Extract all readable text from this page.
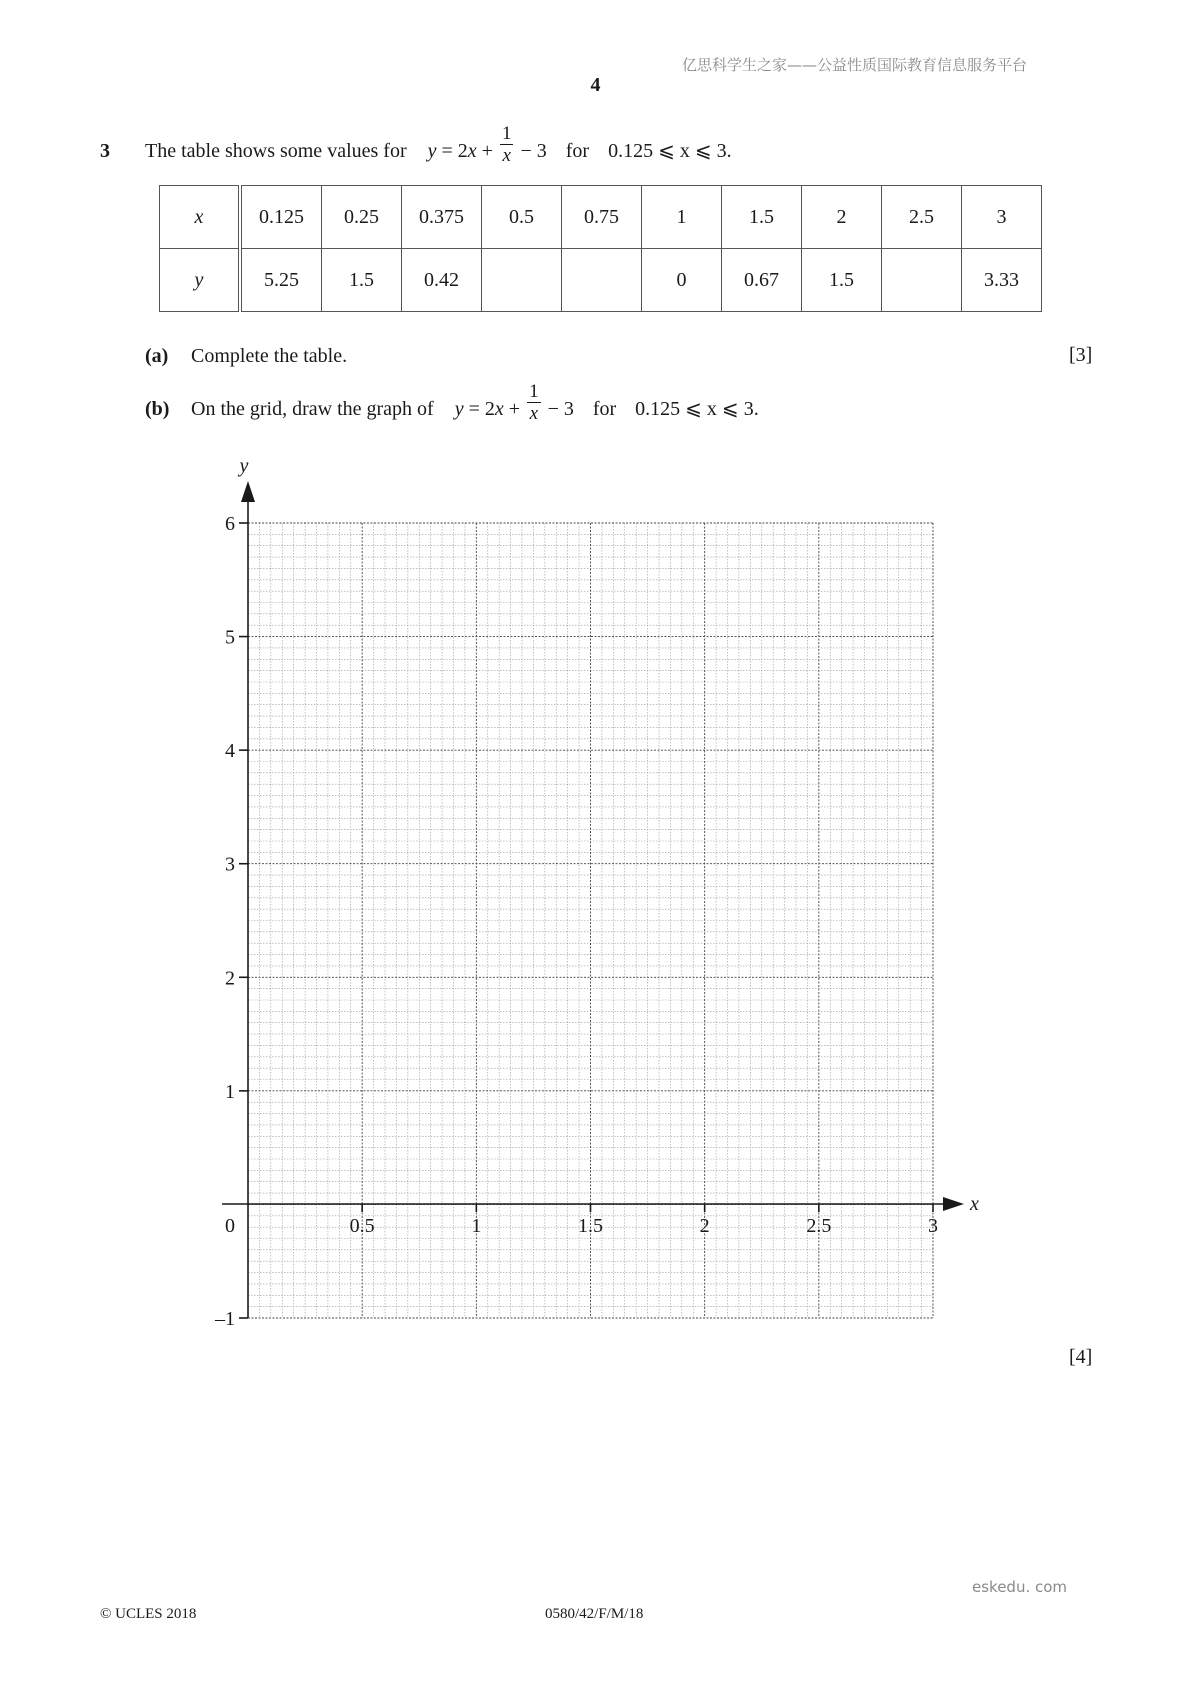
亿思科学生之家——公益性质国际教育信息服务平台
4
3 The table shows some values for $y = 2x + \frac{1}{x} - 3$ for 0.125 ⩽ x ⩽ 3.
x	0.125	0.25	0.375	0.5	0.75	1	1.5	2	2.5	3
y	5.25	1.5	0.42			0	0.67	1.5		3.33
(a) Complete the table.	[3]
(b) On the grid, draw the graph of $y = 2x + \frac{1}{x} - 3$ for 0.125 ⩽ x ⩽ 3.
0.5	1	1.5	2	2.5	3
6
5
4
3
2
1
–1
0
x
y
[4]
eskedu. com
© UCLES 2018	0580/42/F/M/18
